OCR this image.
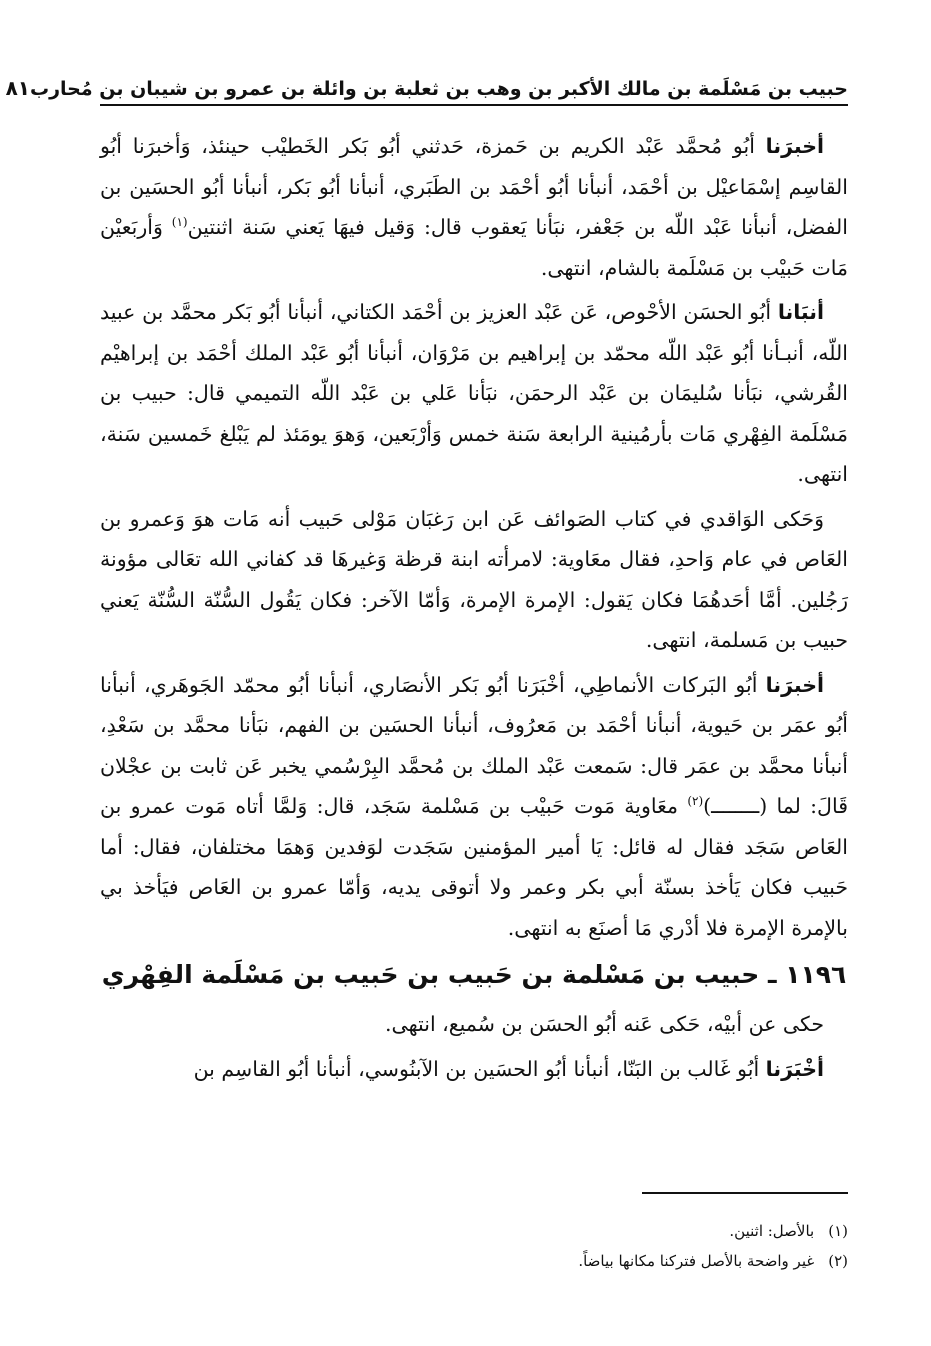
حبيب بن مَسْلَمة بن مالك الأكبر بن وهب بن ثعلبة بن وائلة بن عمرو بن شيبان بن مُحارب
٨١

أخبرَنا أبُو مُحمَّد عَبْد الكريم بن حَمزة، حَدثني أبُو بَكر الخَطيْب حينئذ، وَأخبرَنا أبُو القاسِم إسْمَاعيْل بن أحْمَد، أنبأنا أبُو أحْمَد بن الطَبَري، أنبأنا أبُو بَكر، أنبأنا أبُو الحسَين بن الفضل، أنبأنا عَبْد اللّه بن جَعْفر، نبَأنا يَعقوب قال: وَقيل فيهَا يَعني سَنة اثنتين$^{(١)}$ وَأربَعيْن مَات حَبيْب بن مَسْلَمة بالشام، انتهى.

أنبَانا أبُو الحسَن الأحْوص، عَن عَبْد العزيز بن أحْمَد الكتاني، أنبأنا أبُو بَكر محمَّد بن عبيد اللّه، أنبـأنا أبُو عَبْد اللّه محمّد بن إبراهيم بن مَرْوَان، أنبأنا أبُو عَبْد الملك أحْمَد بن إبراهيْم القُرشي، نبَأنا سُليمَان بن عَبْد الرحمَن، نبَأنا عَلي بن عَبْد اللّه التميمي قال: حبيب بن مَسْلَمة الفِهْري مَات بأرمُينية الرابعة سَنة خمس وَأرْبَعين، وَهوَ يومَئذ لم يَبْلغ خَمسين سَنة، انتهى.

وَحَكى الوَاقدي في كتاب الصَوائف عَن ابن رَغبَان مَوْلى حَبيب أنه مَات هوَ وَعمرو بن العَاص في عام وَاحدِ، فقال معَاوية: لامرأته ابنة قرظة وَغيرهَا قد كفاني الله تعَالى مؤونة رَجُلين. أمَّا أحَدهُمَا فكان يَقول: الإمرة الإمرة، وَأمّا الآخر: فكان يَقُول السُّنّة السُّنّة يَعني حبيب بن مَسلمة، انتهى.

أخبرَنا أبُو البَركات الأنماطِي، أخْبَرَنا أبُو بَكر الأنصَاري، أنبأنا أبُو محمّد الجَوهَري، أنبأنا أبُو عمَر بن حَيوية، أنبأنا أحْمَد بن مَعرُوف، أنبأنا الحسَين بن الفهم، نبَأنا محمَّد بن سَعْدِ، أنبأنا محمَّد بن عمَر قال: سَمعت عَبْد الملك بن مُحمَّد البِرْسُمي يخبر عَن ثابت بن عجْلان قَالَ: لما (ــــــــ)$^{(٢)}$ معَاوية مَوت حَبيْب بن مَسْلمة سَجَد، قال: وَلمَّا أتاه مَوت عمرو بن العَاص سَجَد فقال له قائل: يَا أمير المؤمنين سَجَدت لوَفدين وَهمَا مختلفان، فقال: أما حَبيب فكان يَأخذ بسنّة أبي بكر وعمر ولا أتوقى يديه، وَأمّا عمرو بن العَاص فيَأخذ بي بالإمرة الإمرة فلا أدْري مَا أصنَع به انتهى.

١١٩٦ ـ حبيب بن مَسْلمة بن حَبيب بن حَبيب بن مَسْلَمة الفِهْري

حكى عن أبيْه، حَكى عَنه أبُو الحسَن بن سُميع، انتهى.

أخْبَرَنا أبُو غَالب بن البَنّا، أنبأنا أبُو الحسَين بن الآبنُوسي، أنبأنا أبُو القاسِم بن

(١)بالأصل: اثنين.
(٢)غير واضحة بالأصل فتركنا مكانها بياضاً.
